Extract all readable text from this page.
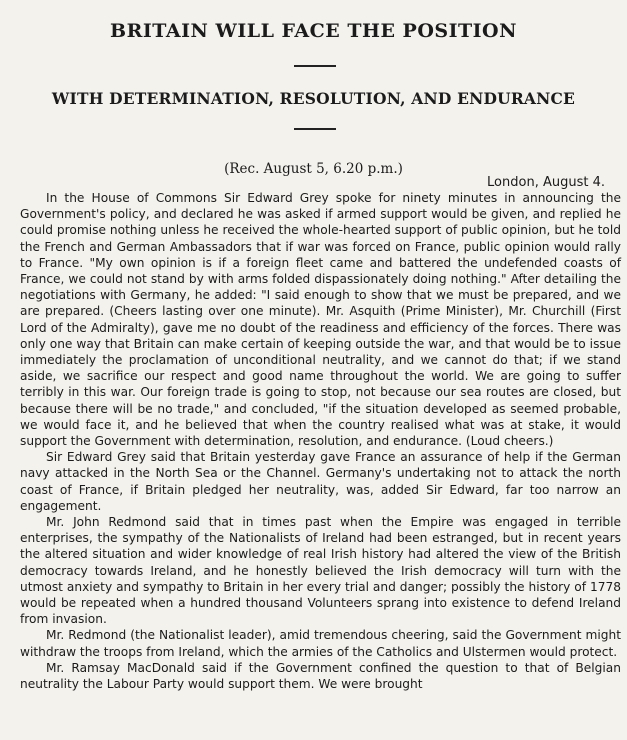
BRITAIN WILL FACE THE POSITION
WITH DETERMINATION, RESOLUTION, AND ENDURANCE
(Rec. August 5, 6.20 p.m.)
London, August 4.

In the House of Commons Sir Edward Grey spoke for ninety minutes in announcing the Government's policy, and declared he was asked if armed support would be given, and replied he could promise nothing unless he received the whole-hearted support of public opinion, but he told the French and German Ambassadors that if war was forced on France, public opinion would rally to France. "My own opinion is if a foreign fleet came and battered the undefended coasts of France, we could not stand by with arms folded dispassionately doing nothing." After detailing the negotiations with Germany, he added: "I said enough to show that we must be prepared, and we are prepared. (Cheers lasting over one minute). Mr. Asquith (Prime Minister), Mr. Churchill (First Lord of the Admiralty), gave me no doubt of the readiness and efficiency of the forces. There was only one way that Britain can make certain of keeping outside the war, and that would be to issue immediately the proclamation of unconditional neutrality, and we cannot do that; if we stand aside, we sacrifice our respect and good name throughout the world. We are going to suffer terribly in this war. Our foreign trade is going to stop, not because our sea routes are closed, but because there will be no trade," and concluded, "if the situation developed as seemed probable, we would face it, and he believed that when the country realised what was at stake, it would support the Government with determination, resolution, and endurance. (Loud cheers.)

Sir Edward Grey said that Britain yesterday gave France an assurance of help if the German navy attacked in the North Sea or the Channel. Germany's undertaking not to attack the north coast of France, if Britain pledged her neutrality, was, added Sir Edward, far too narrow an engagement.

Mr. John Redmond said that in times past when the Empire was engaged in terrible enterprises, the sympathy of the Nationalists of Ireland had been estranged, but in recent years the altered situation and wider knowledge of real Irish history had altered the view of the British democracy towards Ireland, and he honestly believed the Irish democracy will turn with the utmost anxiety and sympathy to Britain in her every trial and danger; possibly the history of 1778 would be repeated when a hundred thousand Volunteers sprang into existence to defend Ireland from invasion.

Mr. Redmond (the Nationalist leader), amid tremendous cheering, said the Government might withdraw the troops from Ireland, which the armies of the Catholics and Ulstermen would protect.

Mr. Ramsay MacDonald said if the Government confined the question to that of Belgian neutrality the Labour Party would support them. We were brought
